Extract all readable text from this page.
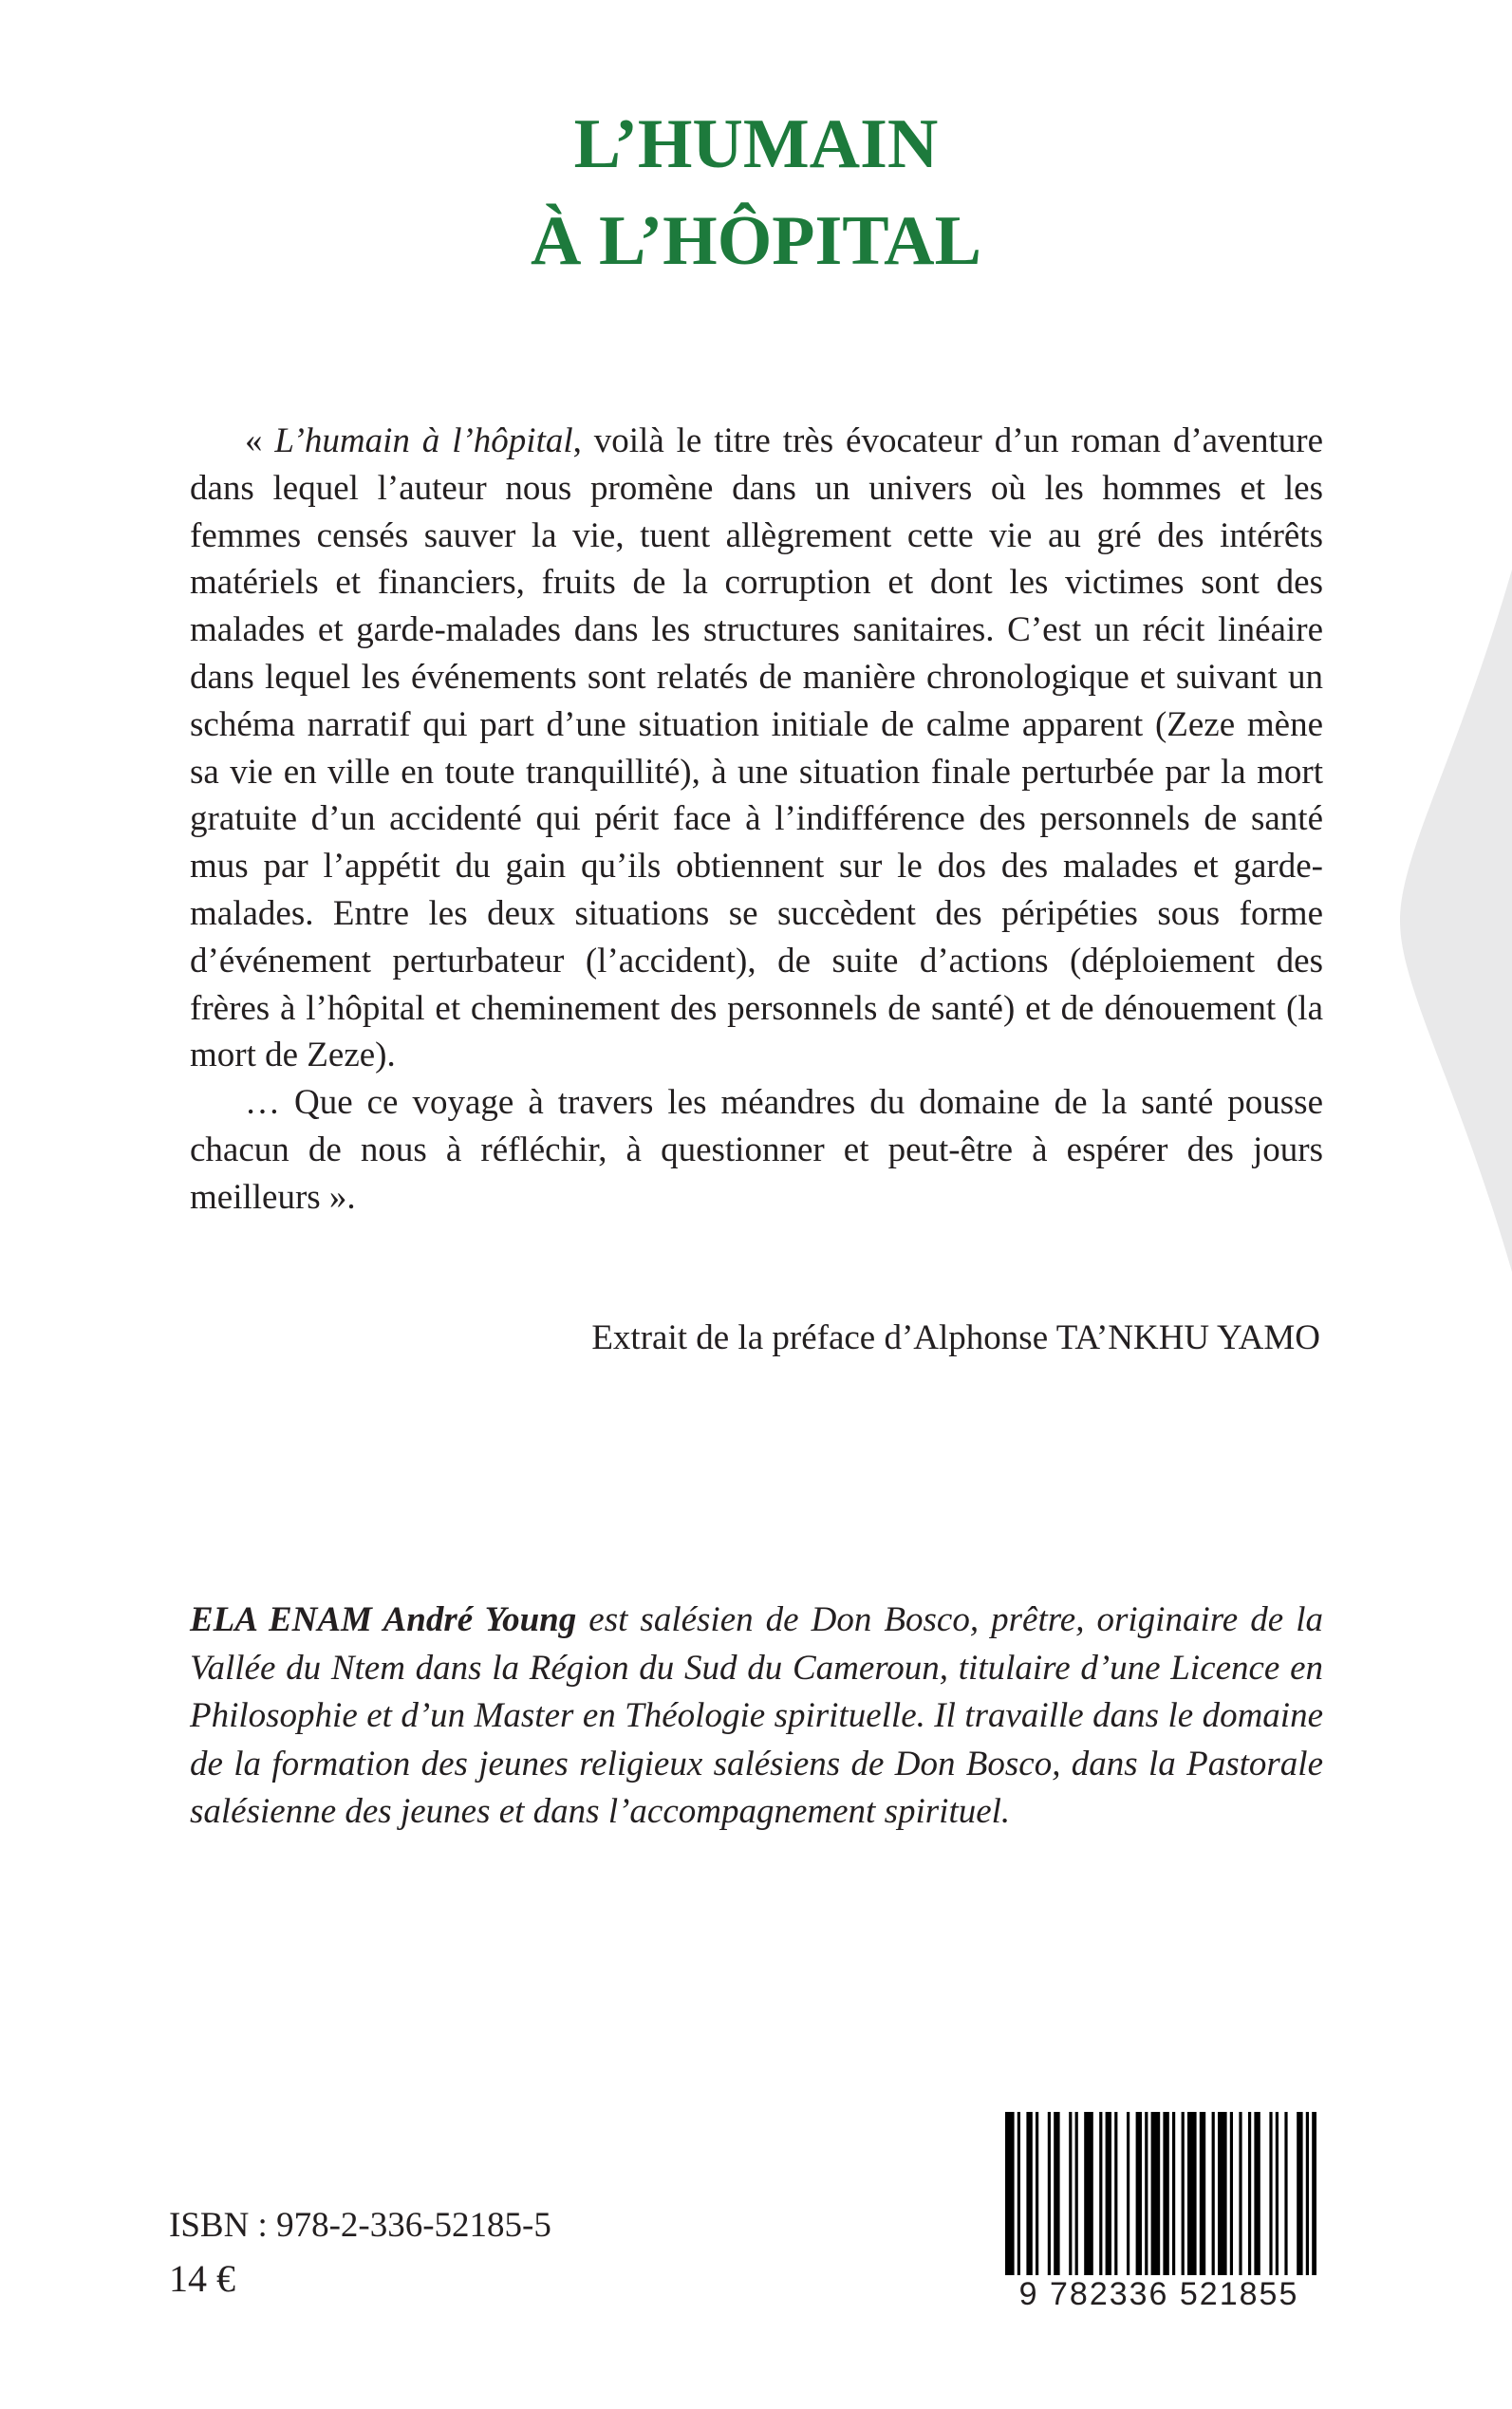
L’HUMAIN
À L’HÔPITAL

« L’humain à l’hôpital, voilà le titre très évocateur d’un roman d’aventure dans lequel l’auteur nous promène dans un univers où les hommes et les femmes censés sauver la vie, tuent allègrement cette vie au gré des intérêts matériels et financiers, fruits de la corruption et dont les victimes sont des malades et garde-malades dans les structures sanitaires. C’est un récit linéaire dans lequel les événements sont relatés de manière chronologique et suivant un schéma narratif qui part d’une situation initiale de calme apparent (Zeze mène sa vie en ville en toute tranquillité), à une situation finale perturbée par la mort gratuite d’un accidenté qui périt face à l’indifférence des personnels de santé mus par l’appétit du gain qu’ils obtiennent sur le dos des malades et garde-malades. Entre les deux situations se succèdent des péripéties sous forme d’événement perturbateur (l’accident), de suite d’actions (déploiement des frères à l’hôpital et cheminement des personnels de santé) et de dénouement (la mort de Zeze).

… Que ce voyage à travers les méandres du domaine de la santé pousse chacun de nous à réfléchir, à questionner et peut-être à espérer des jours meilleurs ».

Extrait de la préface d’Alphonse TA’NKHU YAMO

ELA ENAM André Young est salésien de Don Bosco, prêtre, originaire de la Vallée du Ntem dans la Région du Sud du Cameroun, titulaire d’une Licence en Philosophie et d’un Master en Théologie spirituelle. Il travaille dans le domaine de la formation des jeunes religieux salésiens de Don Bosco, dans la Pastorale salésienne des jeunes et dans l’accompagnement spirituel.

ISBN : 978-2-336-52185-5

14 €	9 782336 521855
